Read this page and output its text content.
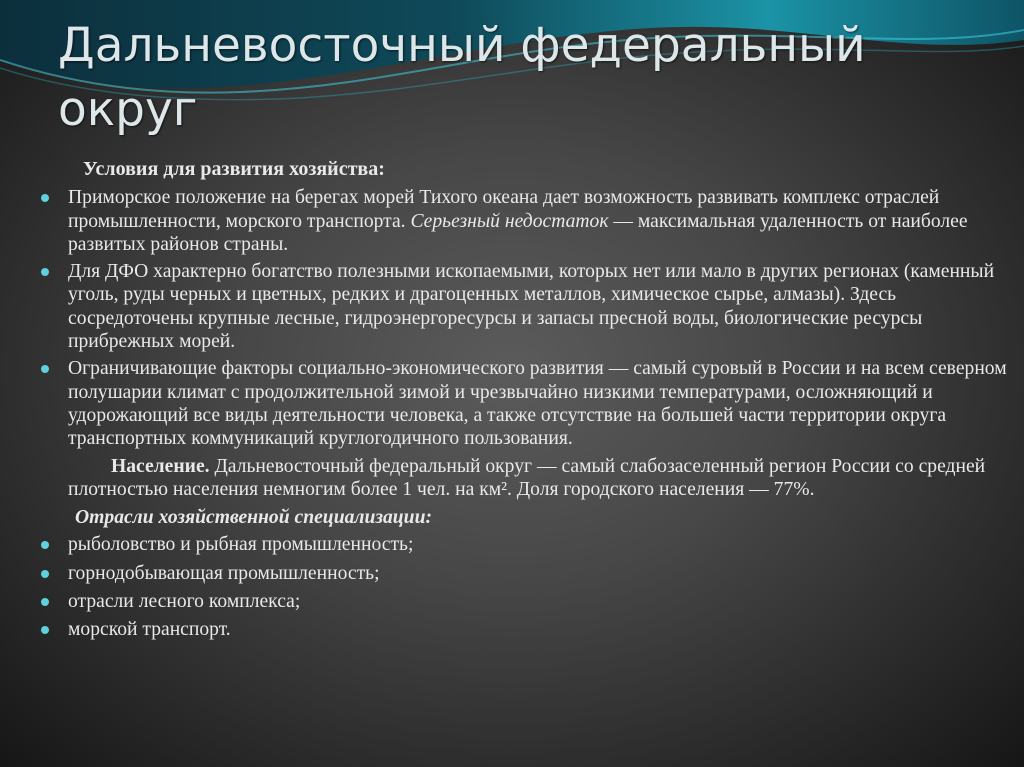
Дальневосточный федеральный округ

Условия для развития хозяйства:

Приморское положение на берегах морей Тихого океана дает возможность развивать комплекс отраслей промышленности, морского транспорта. Серьезный недостаток — максимальная удаленность от наиболее развитых районов страны.
Для ДФО характерно богатство полезными ископаемыми, которых нет или мало в других регионах (каменный уголь, руды черных и цветных, редких и драгоценных металлов, химическое сырье, алмазы). Здесь сосредоточены крупные лесные, гидроэнергоресурсы и запасы пресной воды, биологические ресурсы прибрежных морей.
Ограничивающие факторы социально-экономического развития — самый суровый в России и на всем северном полушарии климат с продолжительной зимой и чрезвычайно низкими температурами, осложняющий и удорожающий все виды деятельности человека, а также отсутствие на большей части территории округа транспортных коммуникаций круглогодичного пользования.

Население. Дальневосточный федеральный округ — самый слабозаселенный регион России со средней плотностью населения немногим более 1 чел. на км². Доля городского населения — 77%.

Отрасли хозяйственной специализации:

рыболовство и рыбная промышленность;
горнодобывающая промышленность;
отрасли лесного комплекса;
морской транспорт.
